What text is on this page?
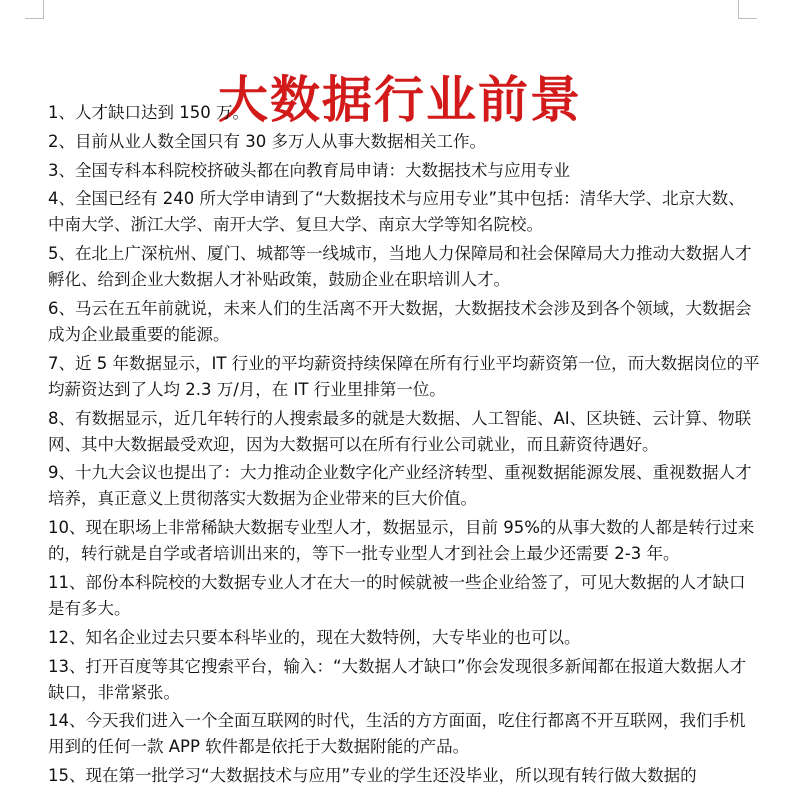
大数据行业前景

1、人才缺口达到 150 万。

2、目前从业人数全国只有 30 多万人从事大数据相关工作。

3、全国专科本科院校挤破头都在向教育局申请：大数据技术与应用专业

4、全国已经有 240 所大学申请到了“大数据技术与应用专业”其中包括：清华大学、北京大数、中南大学、浙江大学、南开大学、复旦大学、南京大学等知名院校。

5、在北上广深杭州、厦门、城都等一线城市，当地人力保障局和社会保障局大力推动大数据人才孵化、给到企业大数据人才补贴政策，鼓励企业在职培训人才。

6、马云在五年前就说，未来人们的生活离不开大数据，大数据技术会涉及到各个领域，大数据会成为企业最重要的能源。

7、近 5 年数据显示，IT 行业的平均薪资持续保障在所有行业平均薪资第一位，而大数据岗位的平均薪资达到了人均 2.3 万/月，在 IT 行业里排第一位。

8、有数据显示，近几年转行的人搜索最多的就是大数据、人工智能、AI、区块链、云计算、物联网、其中大数据最受欢迎，因为大数据可以在所有行业公司就业，而且薪资待遇好。

9、十九大会议也提出了：大力推动企业数字化产业经济转型、重视数据能源发展、重视数据人才培养，真正意义上贯彻落实大数据为企业带来的巨大价值。

10、现在职场上非常稀缺大数据专业型人才，数据显示，目前 95%的从事大数的人都是转行过来的，转行就是自学或者培训出来的，等下一批专业型人才到社会上最少还需要 2-3 年。

11、部份本科院校的大数据专业人才在大一的时候就被一些企业给签了，可见大数据的人才缺口是有多大。

12、知名企业过去只要本科毕业的，现在大数特例，大专毕业的也可以。

13、打开百度等其它搜索平台，输入：“大数据人才缺口”你会发现很多新闻都在报道大数据人才缺口，非常紧张。

14、今天我们进入一个全面互联网的时代，生活的方方面面，吃住行都离不开互联网，我们手机用到的任何一款 APP 软件都是依托于大数据附能的产品。

15、现在第一批学习“大数据技术与应用”专业的学生还没毕业，所以现有转行做大数据的
